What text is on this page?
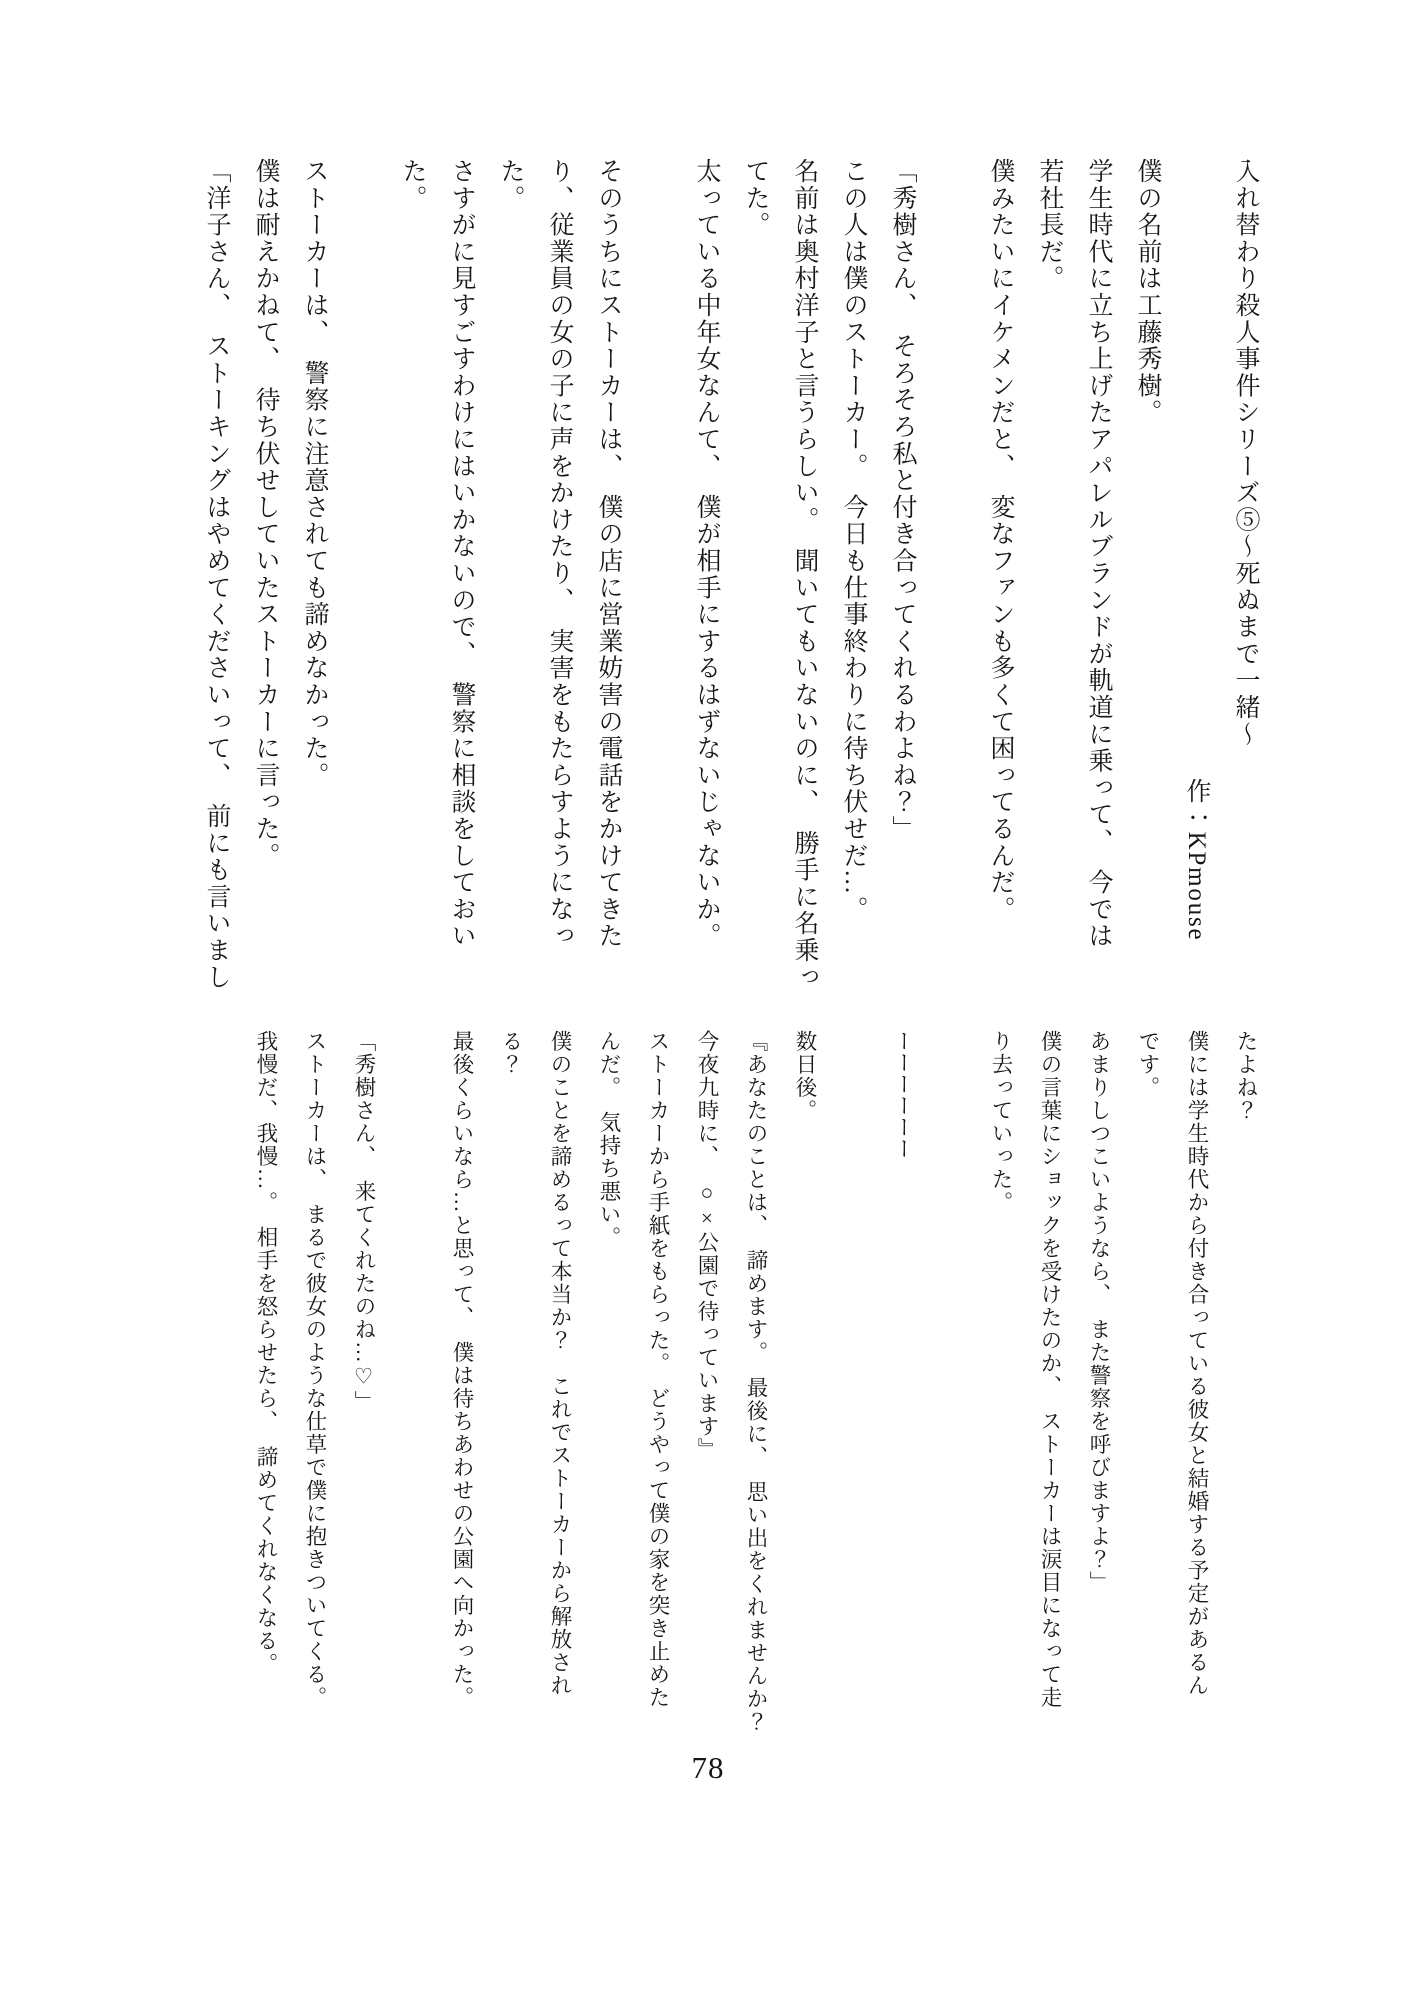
入れ替わり殺人事件シリーズ⑤〜死ぬまで一緒〜

作：KPmouse

僕の名前は工藤秀樹。

学生時代に立ち上げたアパレルブランドが軌道に乗って、　今では

若社長だ。

僕みたいにイケメンだと、　変なファンも多くて困ってるんだ。

「秀樹さん、　そろそろ私と付き合ってくれるわよね？」

この人は僕のストーカー。　今日も仕事終わりに待ち伏せだ…。

名前は奥村洋子と言うらしい。　聞いてもいないのに、　勝手に名乗っ

てた。

太っている中年女なんて、　僕が相手にするはずないじゃないか。

そのうちにストーカーは、　僕の店に営業妨害の電話をかけてきた

り、従業員の女の子に声をかけたり、　実害をもたらすようになっ

た。

さすがに見すごすわけにはいかないので、　警察に相談をしておい

た。

ストーカーは、　警察に注意されても諦めなかった。

僕は耐えかねて、　待ち伏せしていたストーカーに言った。

「洋子さん、　ストーキングはやめてくださいって、　前にも言いまし

たよね？

僕には学生時代から付き合っている彼女と結婚する予定があるん

です。

あまりしつこいようなら、　また警察を呼びますよ？」

僕の言葉にショックを受けたのか、　ストーカーは涙目になって走

り去っていった。

ーーーーーー

数日後。

『あなたのことは、　諦めます。　最後に、　思い出をくれませんか？

今夜九時に、　○×公園で待っています』

ストーカーから手紙をもらった。　どうやって僕の家を突き止めた

んだ。　気持ち悪い。

僕のことを諦めるって本当か？　これでストーカーから解放され

る？

最後くらいなら…と思って、　僕は待ちあわせの公園へ向かった。

「秀樹さん、　来てくれたのね…♡」

ストーカーは、　まるで彼女のような仕草で僕に抱きついてくる。

我慢だ、我慢…。　相手を怒らせたら、　諦めてくれなくなる。

78
